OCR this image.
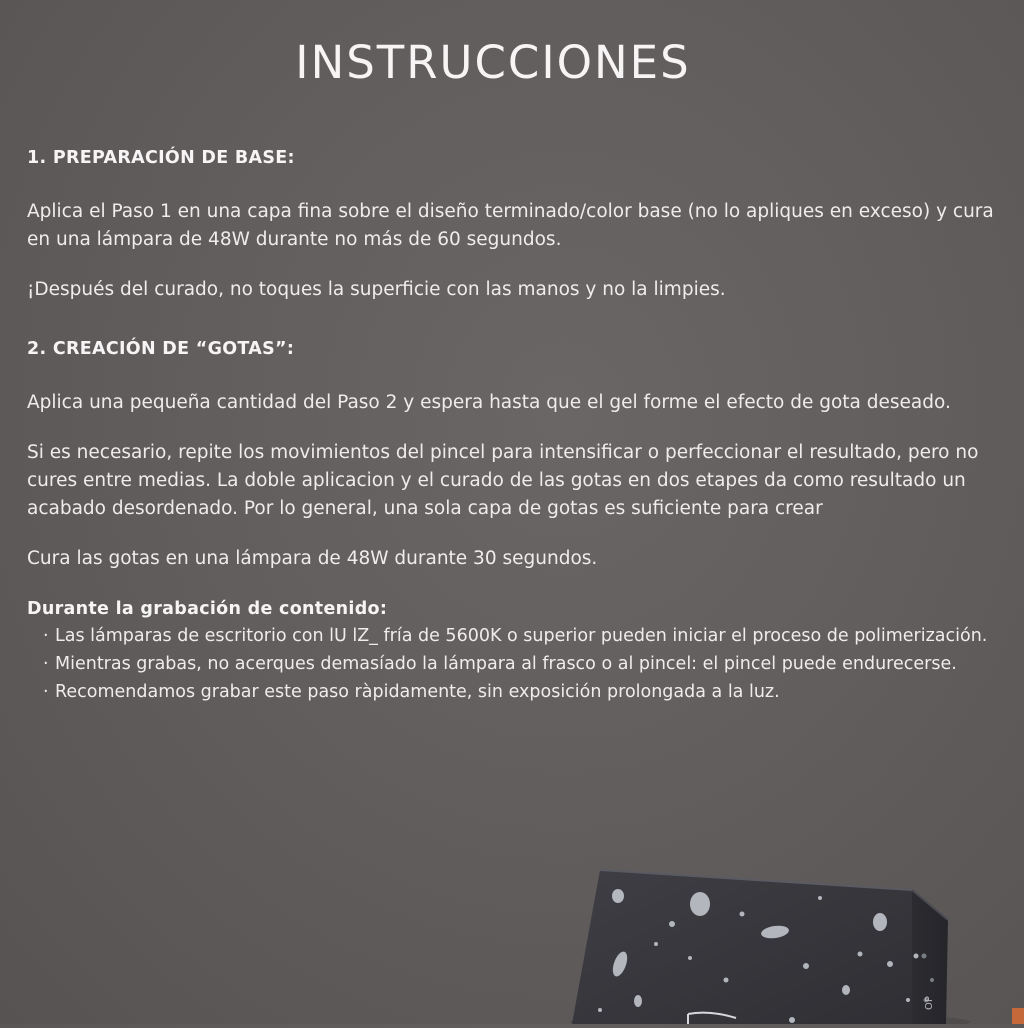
INSTRUCCIONES
1. PREPARACIÓN DE BASE:

Aplica el Paso 1 en una capa fina sobre el diseño terminado/color base (no lo apliques en exceso) y cura en una lámpara de 48W durante no más de 60 segundos.

¡Después del curado, no toques la superficie con las manos y no la limpies.

2. CREACIÓN DE “GOTAS”:

Aplica una pequeña cantidad del Paso 2 y espera hasta que el gel forme el efecto de gota deseado.

Si es necesario, repite los movimientos del pincel para intensificar o perfeccionar el resultado, pero no cures entre medias. La doble aplicacion y el curado de las gotas en dos etapes da como resultado un acabado desordenado. Por lo general, una sola capa de gotas es suficiente para crear

Cura las gotas en una lámpara de 48W durante 30 segundos.

Durante la grabación de contenido:
· Las lámparas de escritorio con lU lZ_ fría de 5600K o superior pueden iniciar el proceso de polimerización.
· Mientras grabas, no acerques demasíado la lámpara al frasco o al pincel: el pincel puede endurecerse.
· Recomendamos grabar este paso ràpidamente, sin exposición prolongada a la luz.
OP
